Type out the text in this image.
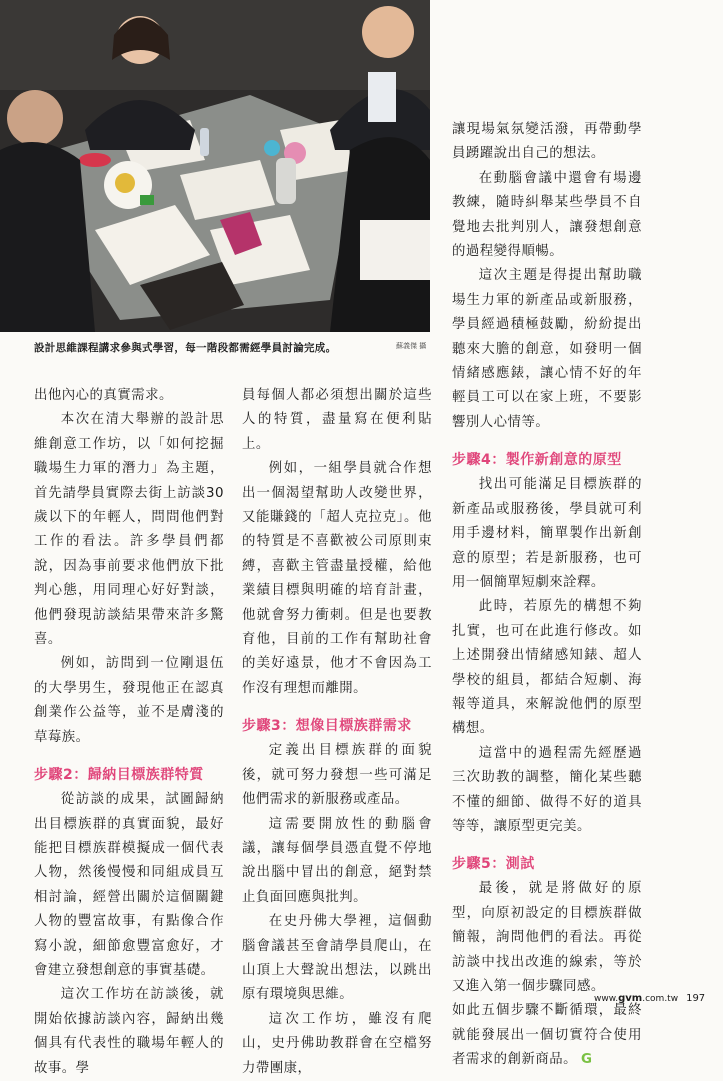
設計思維課程講求參與式學習，每一階段都需經學員討論完成。	蘇義傑 攝

出他內心的真實需求。

本次在清大舉辦的設計思維創意工作坊，以「如何挖掘職場生力軍的潛力」為主題，首先請學員實際去街上訪談30歲以下的年輕人，問問他們對工作的看法。許多學員們都說，因為事前要求他們放下批判心態，用同理心好好對談，他們發現訪談結果帶來許多驚喜。

例如，訪問到一位剛退伍的大學男生，發現他正在認真創業作公益等，並不是膚淺的草莓族。

步驟2：歸納目標族群特質

從訪談的成果，試圖歸納出目標族群的真實面貌，最好能把目標族群模擬成一個代表人物，然後慢慢和同組成員互相討論，經營出關於這個關鍵人物的豐富故事，有點像合作寫小說，細節愈豐富愈好，才會建立發想創意的事實基礎。

這次工作坊在訪談後，就開始依據訪談內容，歸納出幾個具有代表性的職場年輕人的故事。學

員每個人都必須想出關於這些人的特質，盡量寫在便利貼上。

例如，一組學員就合作想出一個渴望幫助人改變世界，又能賺錢的「超人克拉克」。他的特質是不喜歡被公司原則束縛，喜歡主管盡量授權，給他業績目標與明確的培育計畫，他就會努力衝刺。但是也要教育他，目前的工作有幫助社會的美好遠景，他才不會因為工作沒有理想而離開。

步驟3：想像目標族群需求

定義出目標族群的面貌後，就可努力發想一些可滿足他們需求的新服務或產品。

這需要開放性的動腦會議，讓每個學員憑直覺不停地說出腦中冒出的創意，絕對禁止負面回應與批判。

在史丹佛大學裡，這個動腦會議甚至會請學員爬山，在山頂上大聲說出想法，以跳出原有環境與思維。

這次工作坊，雖沒有爬山，史丹佛助教群會在空檔努力帶團康，

讓現場氣氛變活潑，再帶動學員踴躍說出自己的想法。

在動腦會議中還會有場邊教練，隨時糾舉某些學員不自覺地去批判別人，讓發想創意的過程變得順暢。

這次主題是得提出幫助職場生力軍的新產品或新服務，學員經過積極鼓勵，紛紛提出聽來大膽的創意，如發明一個情緒感應錶，讓心情不好的年輕員工可以在家上班，不要影響別人心情等。

步驟4：製作新創意的原型

找出可能滿足目標族群的新產品或服務後，學員就可利用手邊材料，簡單製作出新創意的原型；若是新服務，也可用一個簡單短劇來詮釋。

此時，若原先的構想不夠扎實，也可在此進行修改。如上述開發出情緒感知錶、超人學校的組員，都結合短劇、海報等道具，來解說他們的原型構想。

這當中的過程需先經歷過三次助教的調整，簡化某些聽不懂的細節、做得不好的道具等等，讓原型更完美。

步驟5：測試

最後，就是將做好的原型，向原初設定的目標族群做簡報，詢問他們的看法。再從訪談中找出改進的線索，等於又進入第一個步驟同感。

如此五個步驟不斷循環，最終就能發展出一個切實符合使用者需求的創新商品。 G
www.gvm.com.tw 197
